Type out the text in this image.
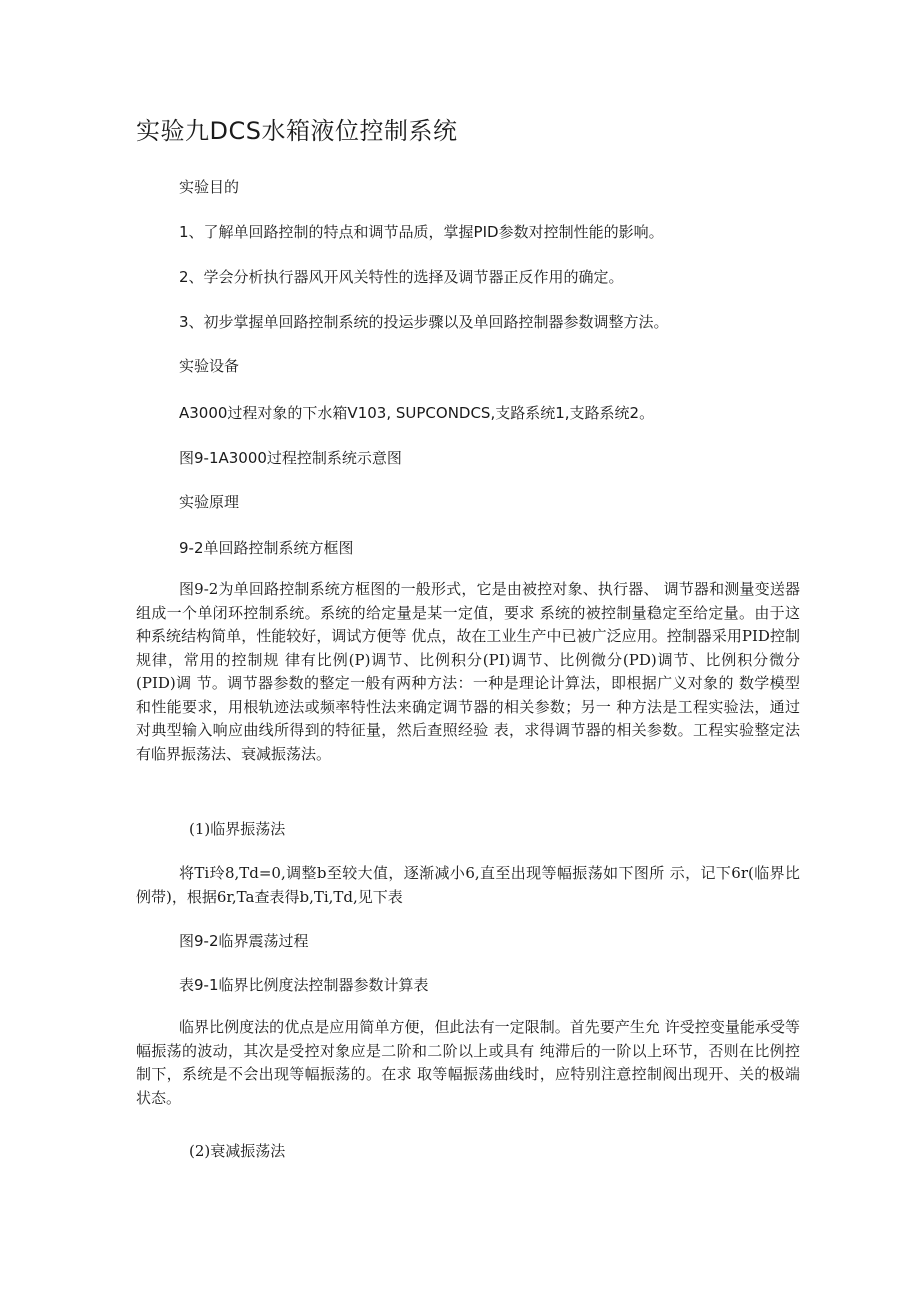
实验九DCS水箱液位控制系统
实验目的
1、了解单回路控制的特点和调节品质，掌握PID参数对控制性能的影响。
2、学会分析执行器风开风关特性的选择及调节器正反作用的确定。
3、初步掌握单回路控制系统的投运步骤以及单回路控制器参数调整方法。
实验设备
A3000过程对象的下水箱V103, SUPCONDCS,支路系统1,支路系统2。
图9-1A3000过程控制系统示意图
实验原理
9-2单回路控制系统方框图

图9-2为单回路控制系统方框图的一般形式，它是由被控对象、执行器、 调节器和测量变送器组成一个单闭环控制系统。系统的给定量是某一定值，要求 系统的被控制量稳定至给定量。由于这种系统结构简单，性能较好，调试方便等 优点，故在工业生产中已被广泛应用。控制器采用PID控制规律，常用的控制规 律有比例(P)调节、比例积分(PI)调节、比例微分(PD)调节、比例积分微分(PID)调 节。调节器参数的整定一般有两种方法：一种是理论计算法，即根据广义对象的 数学模型和性能要求，用根轨迹法或频率特性法来确定调节器的相关参数；另一 种方法是工程实验法，通过对典型输入响应曲线所得到的特征量，然后查照经验 表，求得调节器的相关参数。工程实验整定法有临界振荡法、衰减振荡法。

(1)临界振荡法

将Ti玲8,Td=0,调整b至较大值，逐渐减小6,直至出现等幅振荡如下图所 示，记下6r(临界比例带)，根据6r,Ta查表得b,Ti,Td,见下表

图9-2临界震荡过程
表9-1临界比例度法控制器参数计算表

临界比例度法的优点是应用简单方便，但此法有一定限制。首先要产生允 许受控变量能承受等幅振荡的波动，其次是受控对象应是二阶和二阶以上或具有 纯滞后的一阶以上环节，否则在比例控制下，系统是不会出现等幅振荡的。在求 取等幅振荡曲线时，应特别注意控制阀出现开、关的极端状态。

(2)衰减振荡法
